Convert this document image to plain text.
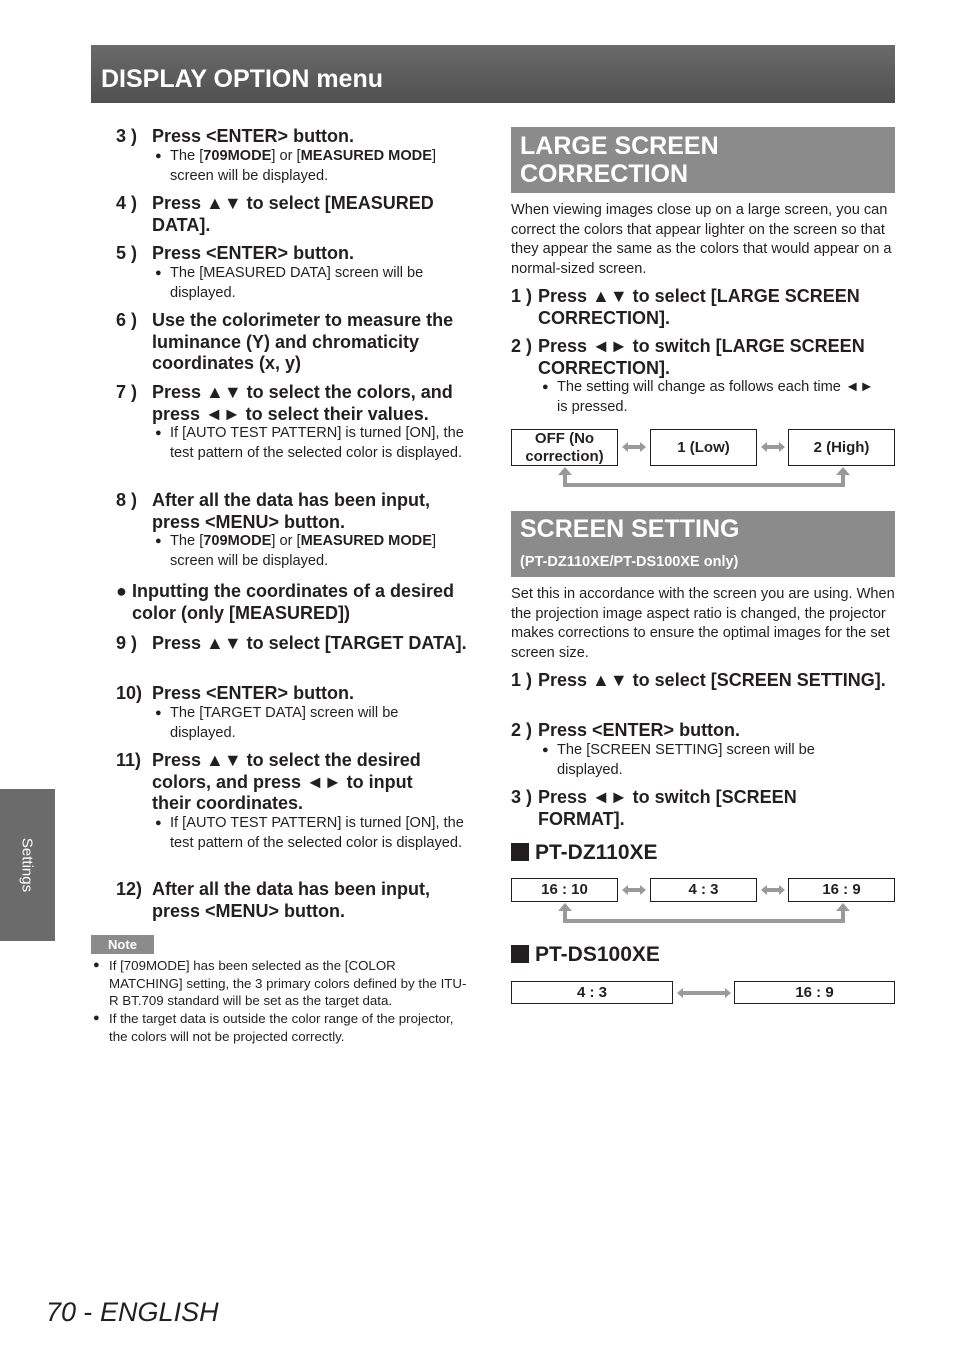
DISPLAY OPTION menu
Settings
3 ) Press <ENTER> button.
● The [709MODE] or [MEASURED MODE] screen will be displayed.
4 ) Press ▲▼ to select [MEASURED DATA].
5 ) Press <ENTER> button.
● The [MEASURED DATA] screen will be displayed.
6 ) Use the colorimeter to measure the luminance (Y) and chromaticity coordinates (x, y)
7 ) Press ▲▼ to select the colors, and press ◄► to select their values.
● If [AUTO TEST PATTERN] is turned [ON], the test pattern of the selected color is displayed.
8 ) After all the data has been input, press <MENU> button.
● The [709MODE] or [MEASURED MODE] screen will be displayed.
● Inputting the coordinates of a desired color (only [MEASURED])
9 ) Press ▲▼ to select [TARGET DATA].
10) Press <ENTER> button.
● The [TARGET DATA] screen will be displayed.
11) Press ▲▼ to select the desired colors, and press ◄► to input their coordinates.
● If [AUTO TEST PATTERN] is turned [ON], the test pattern of the selected color is displayed.
12) After all the data has been input, press <MENU> button.
Note
● If [709MODE] has been selected as the [COLOR MATCHING] setting, the 3 primary colors defined by the ITU-R BT.709 standard will be set as the target data.
● If the target data is outside the color range of the projector, the colors will not be projected correctly.
LARGE SCREEN CORRECTION
When viewing images close up on a large screen, you can correct the colors that appear lighter on the screen so that they appear the same as the colors that would appear on a normal-sized screen.
1 ) Press ▲▼ to select [LARGE SCREEN CORRECTION].
2 ) Press ◄► to switch [LARGE SCREEN CORRECTION].
● The setting will change as follows each time ◄► is pressed.
OFF (No correction)
1 (Low)	2 (High)
SCREEN SETTING
(PT-DZ110XE/PT-DS100XE only)
Set this in accordance with the screen you are using. When the projection image aspect ratio is changed, the projector makes corrections to ensure the optimal images for the set screen size.
1 ) Press ▲▼ to select [SCREEN SETTING].
2 ) Press <ENTER> button.
● The [SCREEN SETTING] screen will be displayed.
3 ) Press ◄► to switch [SCREEN FORMAT].
PT-DZ110XE
16 : 10	4 : 3	16 : 9
PT-DS100XE
4 : 3	16 : 9
70 - ENGLISH
